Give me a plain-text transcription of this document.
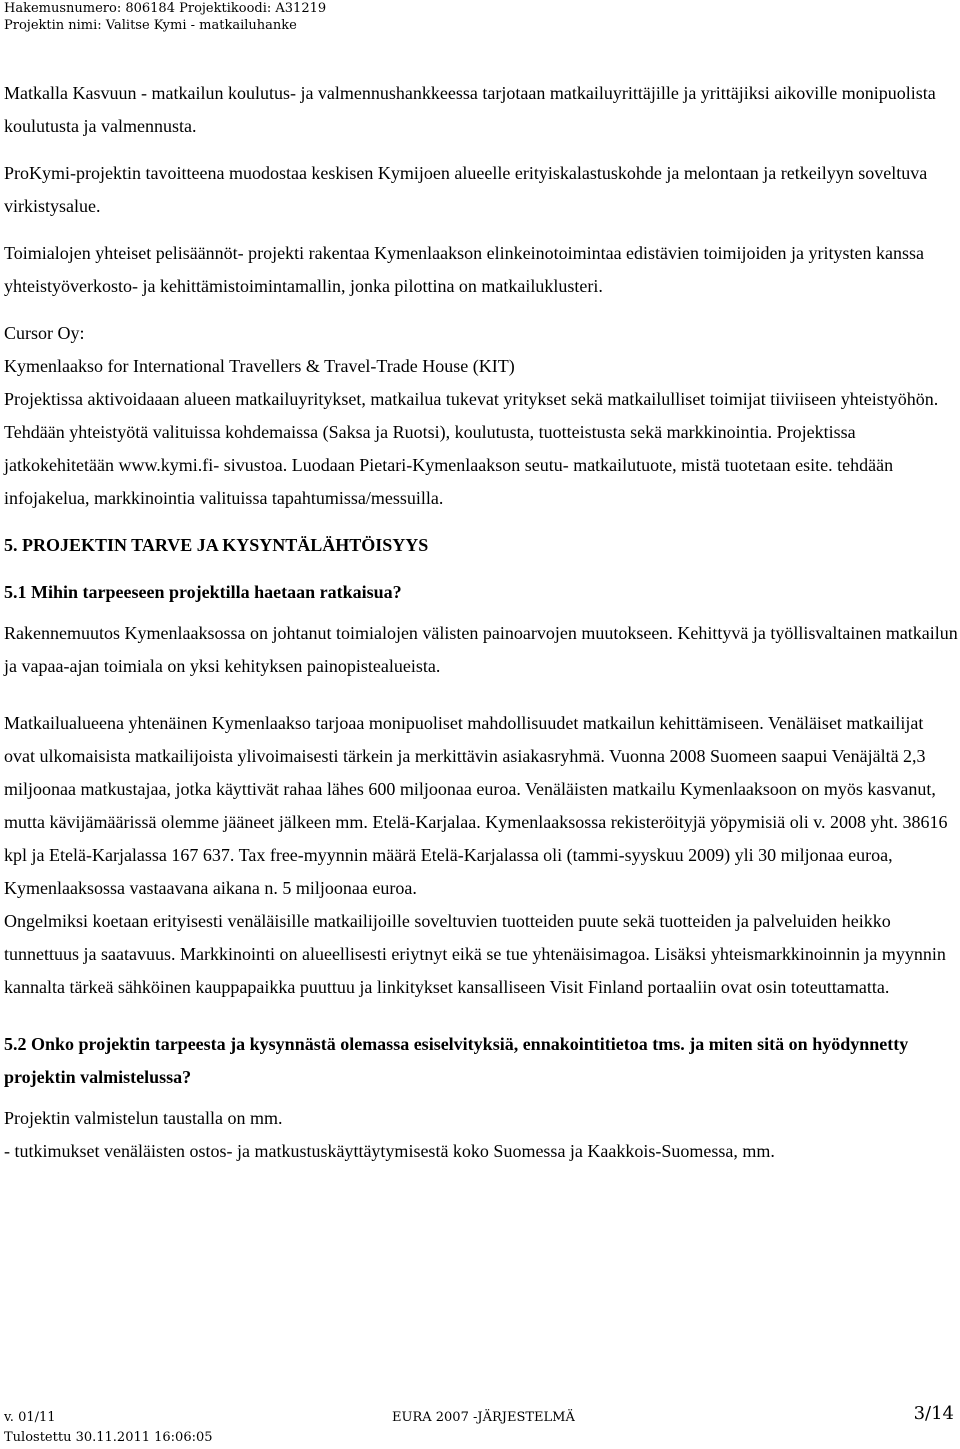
Hakemusnumero: 806184 Projektikoodi: A31219
Projektin nimi: Valitse Kymi - matkailuhanke

Matkalla Kasvuun - matkailun koulutus- ja valmennushankkeessa tarjotaan matkailuyrittäjille ja yrittäjiksi aikoville monipuolista koulutusta ja valmennusta.

ProKymi-projektin tavoitteena muodostaa keskisen Kymijoen alueelle erityiskalastuskohde ja melontaan ja retkeilyyn soveltuva virkistysalue.

Toimialojen yhteiset pelisäännöt- projekti rakentaa Kymenlaakson elinkeinotoimintaa edistävien toimijoiden ja yritysten kanssa yhteistyöverkosto- ja kehittämistoimintamallin, jonka pilottina on matkailuklusteri.

Cursor Oy:

Kymenlaakso for International Travellers & Travel-Trade House (KIT)

Projektissa aktivoidaaan alueen matkailuyritykset, matkailua tukevat yritykset sekä matkailulliset toimijat tiiviiseen yhteistyöhön. Tehdään yhteistyötä valituissa kohdemaissa (Saksa ja Ruotsi), koulutusta, tuotteistusta sekä markkinointia. Projektissa jatkokehitetään www.kymi.fi- sivustoa. Luodaan Pietari-Kymenlaakson seutu- matkailutuote, mistä tuotetaan esite. tehdään infojakelua, markkinointia valituissa tapahtumissa/messuilla.

5. PROJEKTIN TARVE JA KYSYNTÄLÄHTÖISYYS

5.1 Mihin tarpeeseen projektilla haetaan ratkaisua?

Rakennemuutos Kymenlaaksossa on johtanut toimialojen välisten painoarvojen muutokseen. Kehittyvä ja työllisvaltainen matkailun ja vapaa-ajan toimiala on yksi kehityksen painopistealueista.

Matkailualueena yhtenäinen Kymenlaakso tarjoaa monipuoliset mahdollisuudet matkailun kehittämiseen. Venäläiset matkailijat ovat ulkomaisista matkailijoista ylivoimaisesti tärkein ja merkittävin asiakasryhmä. Vuonna 2008 Suomeen saapui Venäjältä 2,3 miljoonaa matkustajaa, jotka käyttivät rahaa lähes 600 miljoonaa euroa. Venäläisten matkailu Kymenlaaksoon on myös kasvanut, mutta kävijämäärissä olemme jääneet jälkeen mm. Etelä-Karjalaa. Kymenlaaksossa rekisteröityjä yöpymisiä oli v. 2008 yht. 38616 kpl ja Etelä-Karjalassa 167 637. Tax free-myynnin määrä Etelä-Karjalassa oli (tammi-syyskuu 2009) yli 30 miljonaa euroa, Kymenlaaksossa vastaavana aikana n. 5 miljoonaa euroa.

Ongelmiksi koetaan erityisesti venäläisille matkailijoille soveltuvien tuotteiden puute sekä tuotteiden ja palveluiden heikko tunnettuus ja saatavuus. Markkinointi on alueellisesti eriytnyt eikä se tue yhtenäisimagoa. Lisäksi yhteismarkkinoinnin ja myynnin kannalta tärkeä sähköinen kauppapaikka puuttuu ja linkitykset kansalliseen Visit Finland portaaliin ovat osin toteuttamatta.

5.2 Onko projektin tarpeesta ja kysynnästä olemassa esiselvityksiä, ennakointitietoa tms. ja miten sitä on hyödynnetty projektin valmistelussa?

Projektin valmistelun taustalla on mm.

- tutkimukset venäläisten ostos- ja matkustuskäyttäytymisestä koko Suomessa ja Kaakkois-Suomessa, mm.

v. 01/11
Tulostettu 30.11.2011 16:06:05
EURA 2007 -JÄRJESTELMÄ	3/14
